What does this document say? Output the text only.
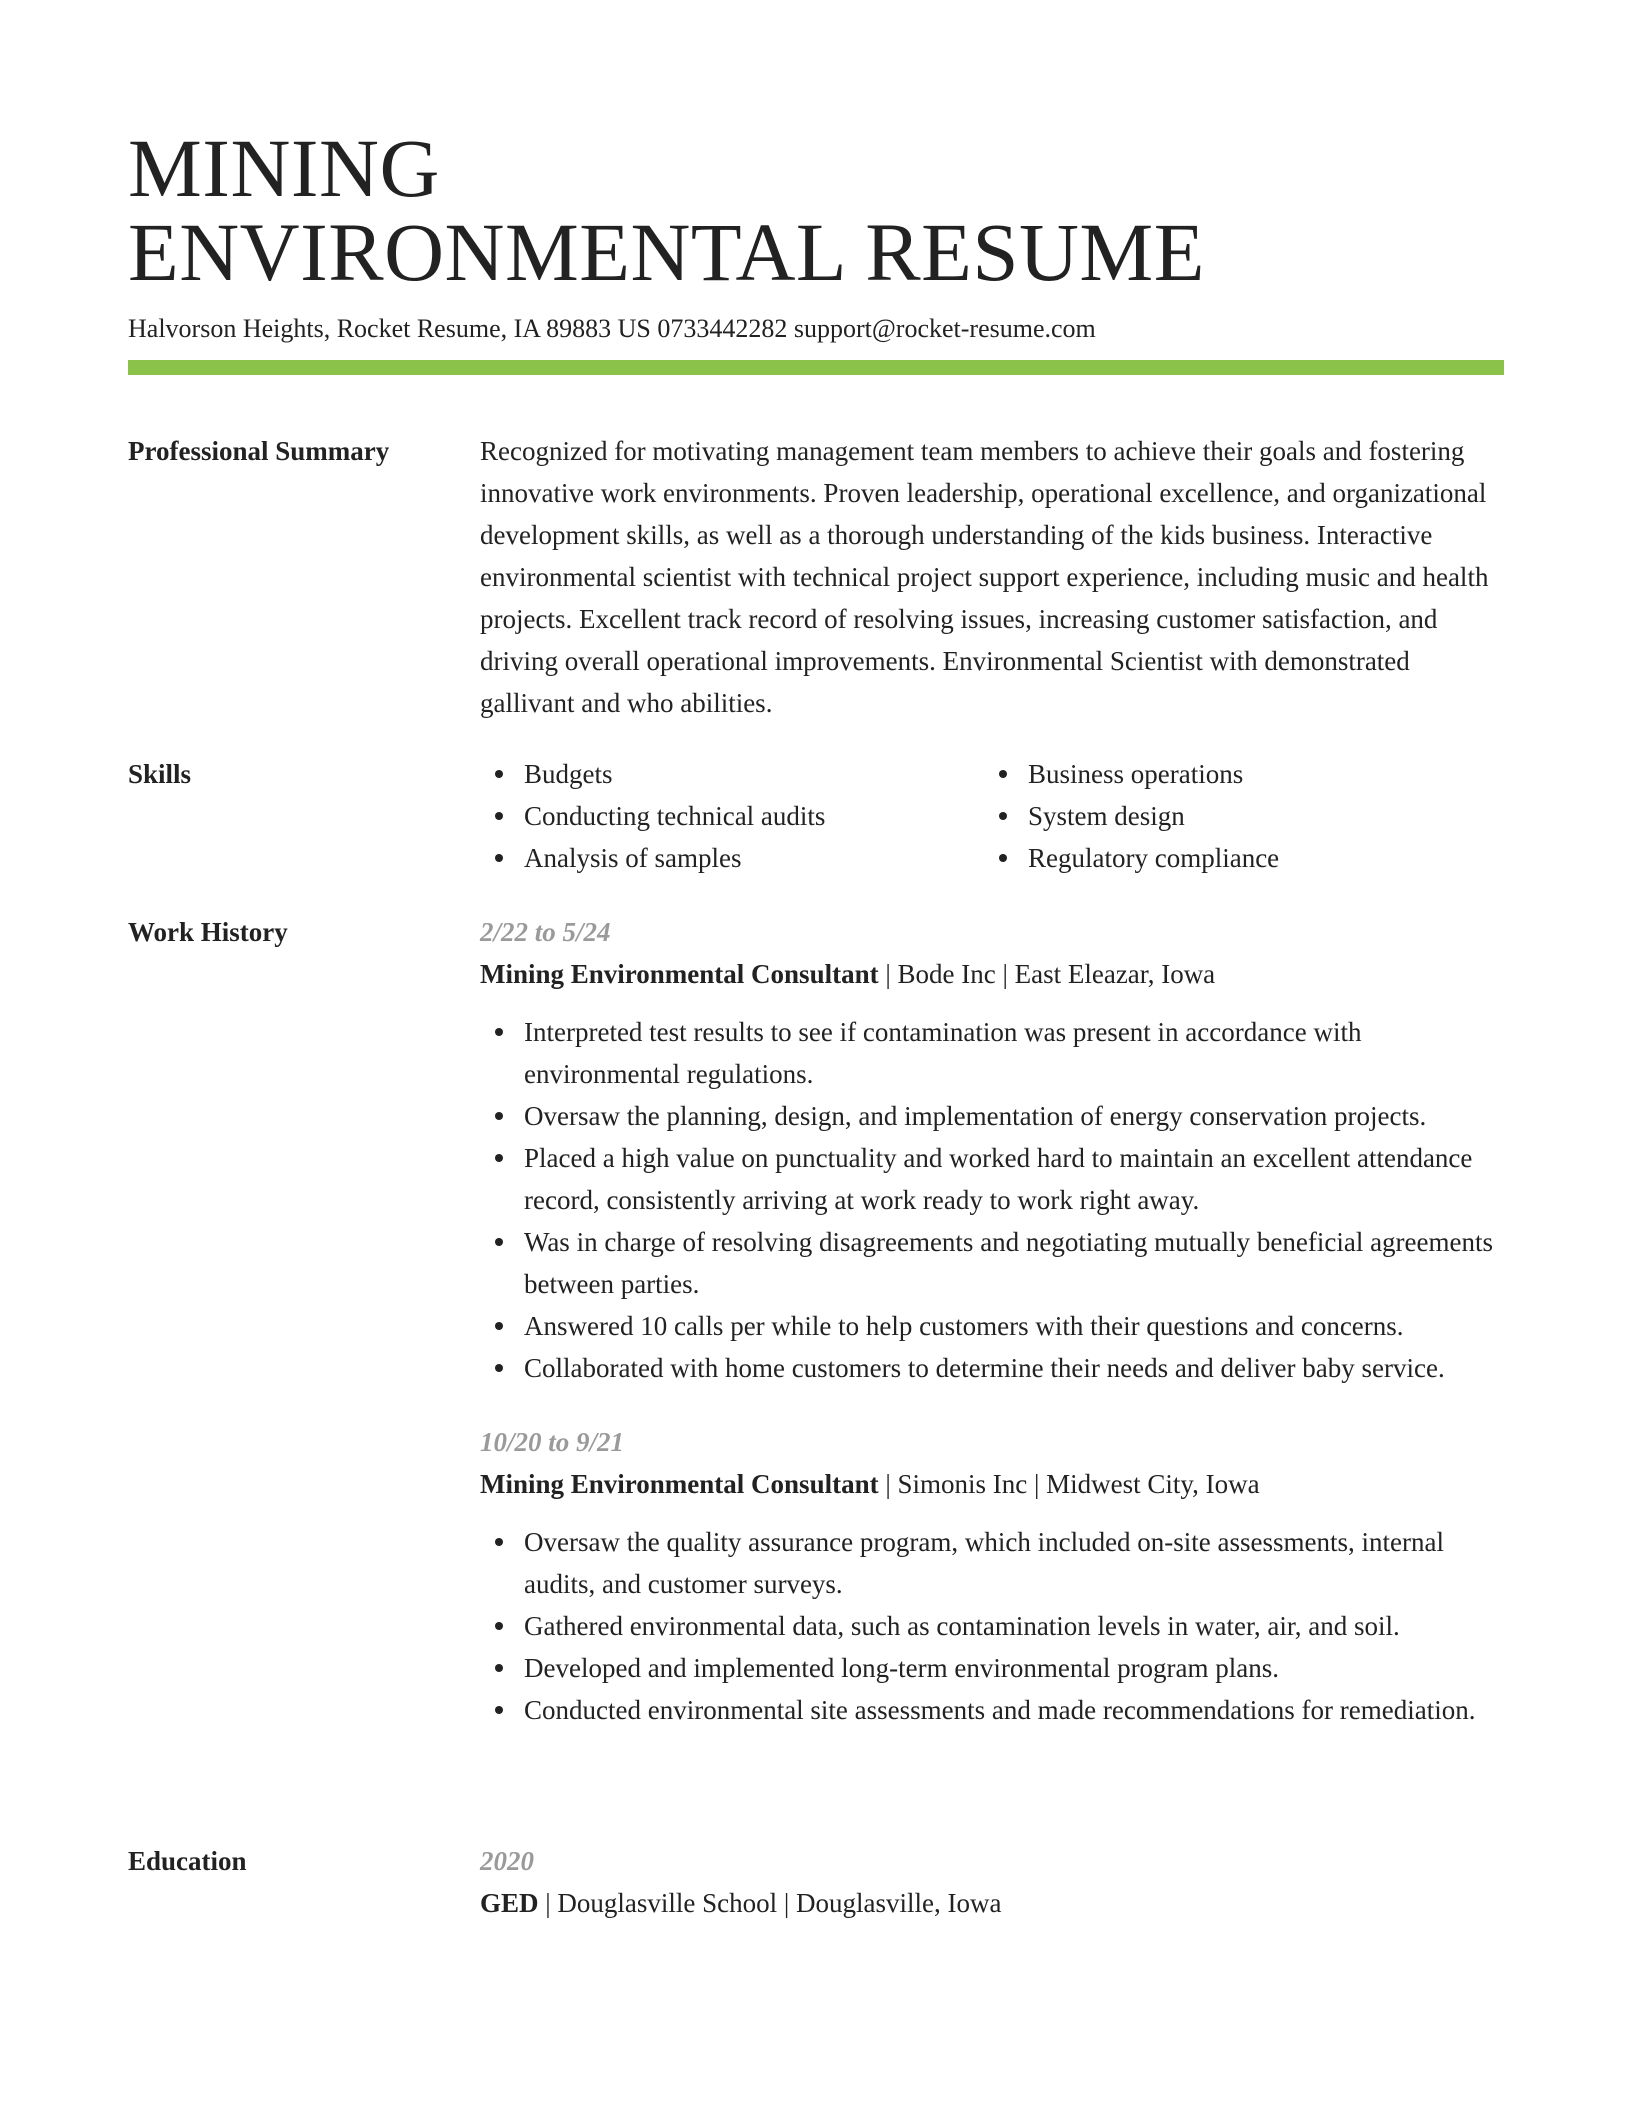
MINING
ENVIRONMENTAL RESUME
Halvorson Heights, Rocket Resume, IA 89883 US 0733442282 support@rocket-resume.com
Professional Summary	Recognized for motivating management team members to achieve their goals and fostering innovative work environments. Proven leadership, operational excellence, and organizational development skills, as well as a thorough understanding of the kids business. Interactive environmental scientist with technical project support experience, including music and health projects. Excellent track record of resolving issues, increasing customer satisfaction, and driving overall operational improvements. Environmental Scientist with demonstrated gallivant and who abilities.

Skills	Budgets
Conducting technical audits
Analysis of samples
Business operations
System design
Regulatory compliance
Work History	2/22 to 5/24
Mining Environmental Consultant | Bode Inc | East Eleazar, Iowa
Interpreted test results to see if contamination was present in accordance with environmental regulations.
Oversaw the planning, design, and implementation of energy conservation projects.
Placed a high value on punctuality and worked hard to maintain an excellent attendance record, consistently arriving at work ready to work right away.
Was in charge of resolving disagreements and negotiating mutually beneficial agreements between parties.
Answered 10 calls per while to help customers with their questions and concerns.
Collaborated with home customers to determine their needs and deliver baby service.
10/20 to 9/21
Mining Environmental Consultant | Simonis Inc | Midwest City, Iowa
Oversaw the quality assurance program, which included on-site assessments, internal audits, and customer surveys.
Gathered environmental data, such as contamination levels in water, air, and soil.
Developed and implemented long-term environmental program plans.
Conducted environmental site assessments and made recommendations for remediation.
Education	2020
GED | Douglasville School | Douglasville, Iowa
